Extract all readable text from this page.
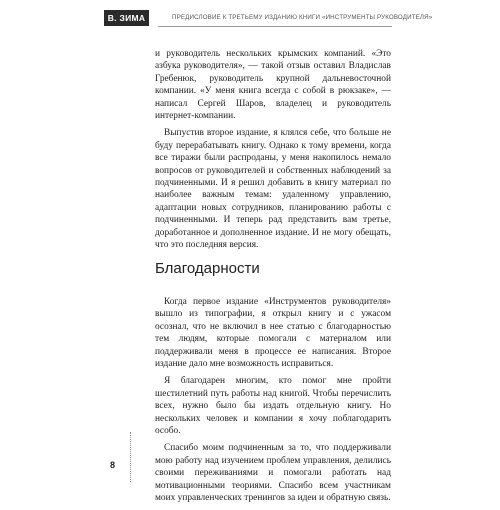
В. ЗИМА	ПРЕДИСЛОВИЕ К ТРЕТЬЕМУ ИЗДАНИЮ КНИГИ «ИНСТРУМЕНТЫ РУКОВОДИТЕЛЯ»

и руководитель нескольких крымских компаний. «Это азбука руководителя», — такой отзыв оставил Владислав Гребенюк, руководитель крупной дальневосточной компании. «У меня книга всегда с собой в рюкзаке», — написал Сергей Шаров, владелец и руководитель интернет-компании.

Выпустив второе издание, я клялся себе, что больше не буду перерабатывать книгу. Однако к тому времени, когда все тиражи были распроданы, у меня накопилось немало вопросов от руководителей и собственных наблюдений за подчиненными. И я решил добавить в книгу материал по наиболее важным темам: удаленному управлению, адаптации новых сотрудников, планированию работы с подчиненными. И теперь рад представить вам третье, доработанное и дополненное издание. И не могу обещать, что это последняя версия.

Благодарности

Когда первое издание «Инструментов руководителя» вышло из типографии, я открыл книгу и с ужасом осознал, что не включил в нее статью с благодарностью тем людям, которые помогали с материалом или поддерживали меня в процессе ее написания. Второе издание дало мне возможность исправиться.

Я благодарен многим, кто помог мне пройти шестилетний путь работы над книгой. Чтобы перечислить всех, нужно было бы издать отдельную книгу. Но нескольких человек и компании я хочу поблагодарить особо.

Спасибо моим подчиненным за то, что поддерживали мою работу над изучением проблем управления, делились своими переживаниями и помогали работать над мотивационными теориями. Спасибо всем участникам моих управленческих тренингов за идеи и обратную связь.

8
